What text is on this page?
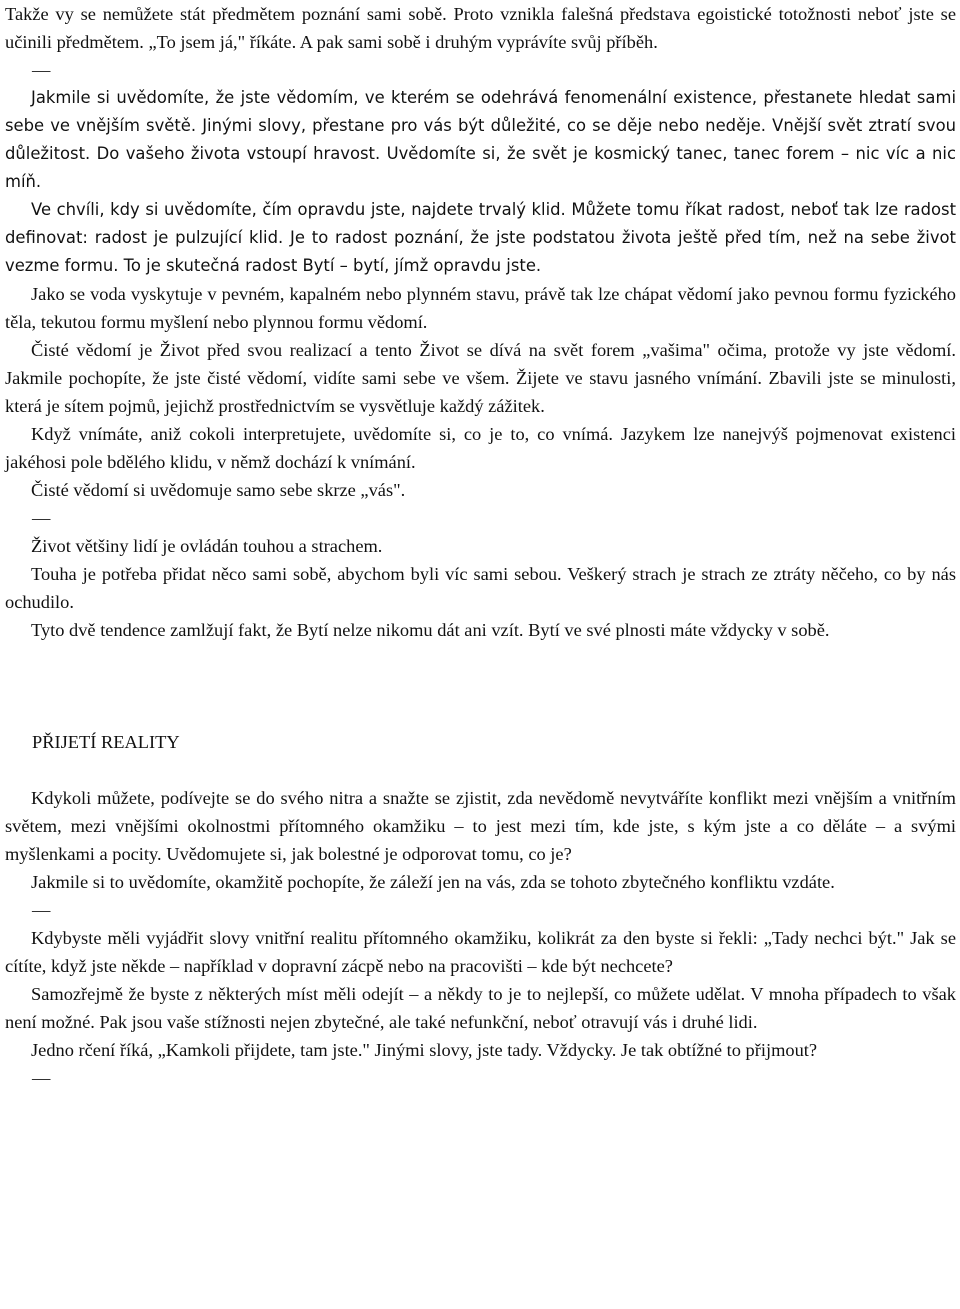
Takže vy se nemůžete stát předmětem poznání sami sobě. Proto vznikla falešná představa egoistické totožnosti neboť jste se učinili předmětem. „To jsem já," říkáte. A pak sami sobě i druhým vyprávíte svůj příběh.

—

Jakmile si uvědomíte, že jste vědomím, ve kterém se odehrává fenomenální existence, přestanete hledat sami sebe ve vnějším světě. Jinými slovy, přestane pro vás být důležité, co se děje nebo neděje. Vnější svět ztratí svou důležitost. Do vašeho života vstoupí hravost. Uvědomíte si, že svět je kosmický tanec, tanec forem – nic víc a nic míň.

Ve chvíli, kdy si uvědomíte, čím opravdu jste, najdete trvalý klid. Můžete tomu říkat radost, neboť tak lze radost definovat: radost je pulzující klid. Je to radost poznání, že jste podstatou života ještě před tím, než na sebe život vezme formu. To je skutečná radost Bytí – bytí, jímž opravdu jste.

Jako se voda vyskytuje v pevném, kapalném nebo plynném stavu, právě tak lze chápat vědomí jako pevnou formu fyzického těla, tekutou formu myšlení nebo plynnou formu vědomí.

Čisté vědomí je Život před svou realizací a tento Život se dívá na svět forem „vašima" očima, protože vy jste vědomí. Jakmile pochopíte, že jste čisté vědomí, vidíte sami sebe ve všem. Žijete ve stavu jasného vnímání. Zbavili jste se minulosti, která je sítem pojmů, jejichž prostřednictvím se vysvětluje každý zážitek.

Když vnímáte, aniž cokoli interpretujete, uvědomíte si, co je to, co vnímá. Jazykem lze nanejvýš pojmenovat existenci jakéhosi pole bdělého klidu, v němž dochází k vnímání.

Čisté vědomí si uvědomuje samo sebe skrze „vás".

—

Život většiny lidí je ovládán touhou a strachem.

Touha je potřeba přidat něco sami sobě, abychom byli víc sami sebou. Veškerý strach je strach ze ztráty něčeho, co by nás ochudilo.

Tyto dvě tendence zamlžují fakt, že Bytí nelze nikomu dát ani vzít. Bytí ve své plnosti máte vždycky v sobě.

PŘIJETÍ REALITY

Kdykoli můžete, podívejte se do svého nitra a snažte se zjistit, zda nevědomě nevytváříte konflikt mezi vnějším a vnitřním světem, mezi vnějšími okolnostmi přítomného okamžiku – to jest mezi tím, kde jste, s kým jste a co děláte – a svými myšlenkami a pocity. Uvědomujete si, jak bolestné je odporovat tomu, co je?

Jakmile si to uvědomíte, okamžitě pochopíte, že záleží jen na vás, zda se tohoto zbytečného konfliktu vzdáte.

—

Kdybyste měli vyjádřit slovy vnitřní realitu přítomného okamžiku, kolikrát za den byste si řekli: „Tady nechci být." Jak se cítíte, když jste někde – například v dopravní zácpě nebo na pracovišti – kde být nechcete?

Samozřejmě že byste z některých míst měli odejít – a někdy to je to nejlepší, co můžete udělat. V mnoha případech to však není možné. Pak jsou vaše stížnosti nejen zbytečné, ale také nefunkční, neboť otravují vás i druhé lidi.

Jedno rčení říká, „Kamkoli přijdete, tam jste." Jinými slovy, jste tady. Vždycky. Je tak obtížné to přijmout?

—
